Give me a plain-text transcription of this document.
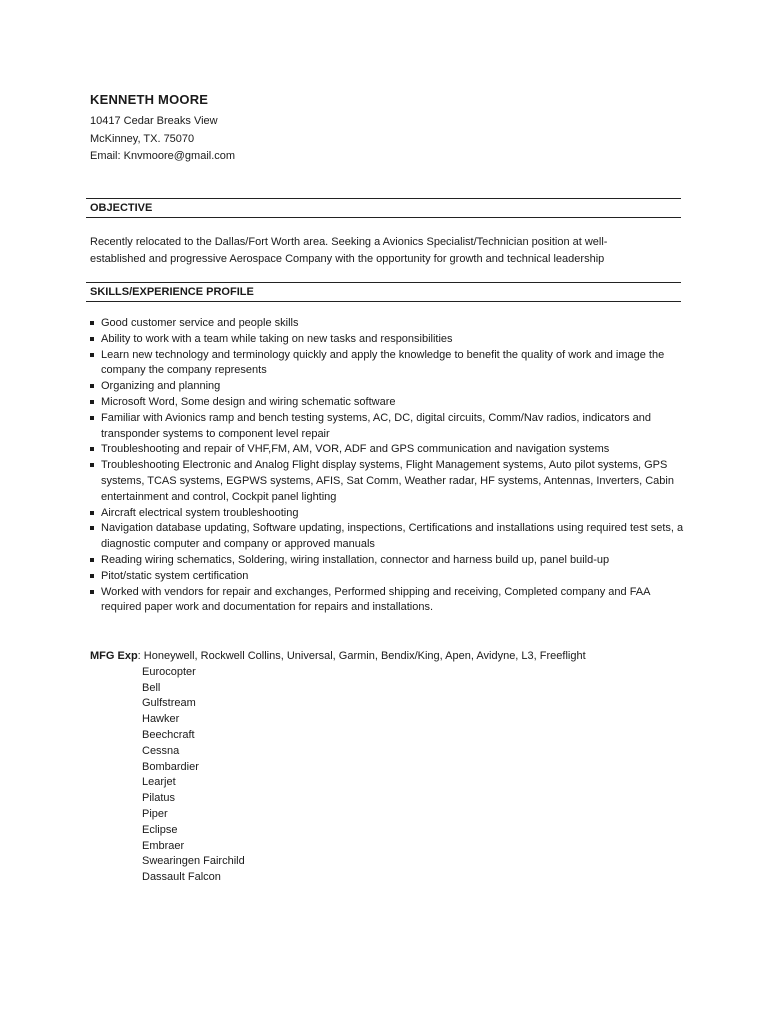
KENNETH MOORE
10417 Cedar Breaks View
McKinney, TX. 75070
Email: Knvmoore@gmail.com
OBJECTIVE
Recently relocated to the Dallas/Fort Worth area. Seeking a Avionics Specialist/Technician position at well-established and progressive Aerospace Company with the opportunity for growth and technical leadership
SKILLS/EXPERIENCE PROFILE
Good customer service and people skills
Ability to work with a team while taking on new tasks and responsibilities
Learn new technology and terminology quickly and apply the knowledge to benefit the quality of work and image the company the company represents
Organizing and planning
Microsoft Word, Some design and wiring schematic software
Familiar with Avionics ramp and bench testing systems, AC, DC, digital circuits, Comm/Nav radios, indicators and transponder systems to component level repair
Troubleshooting and repair of VHF,FM, AM, VOR, ADF and GPS communication and navigation systems
Troubleshooting Electronic and Analog Flight display systems, Flight Management systems, Auto pilot systems, GPS systems, TCAS systems, EGPWS systems, AFIS, Sat Comm, Weather radar, HF systems, Antennas, Inverters, Cabin entertainment and control, Cockpit panel lighting
Aircraft electrical system troubleshooting
Navigation database updating, Software updating, inspections, Certifications and installations using required test sets, a diagnostic computer and company or approved manuals
Reading wiring schematics, Soldering, wiring installation, connector and harness build up, panel build-up
Pitot/static system certification
Worked with vendors for repair and exchanges, Performed shipping and receiving, Completed company and FAA required paper work and documentation for repairs and installations.
MFG Exp: Honeywell, Rockwell Collins, Universal, Garmin, Bendix/King, Apen, Avidyne, L3, Freeflight
Eurocopter
Bell
Gulfstream
Hawker
Beechcraft
Cessna
Bombardier
Learjet
Pilatus
Piper
Eclipse
Embraer
Swearingen Fairchild
Dassault Falcon
